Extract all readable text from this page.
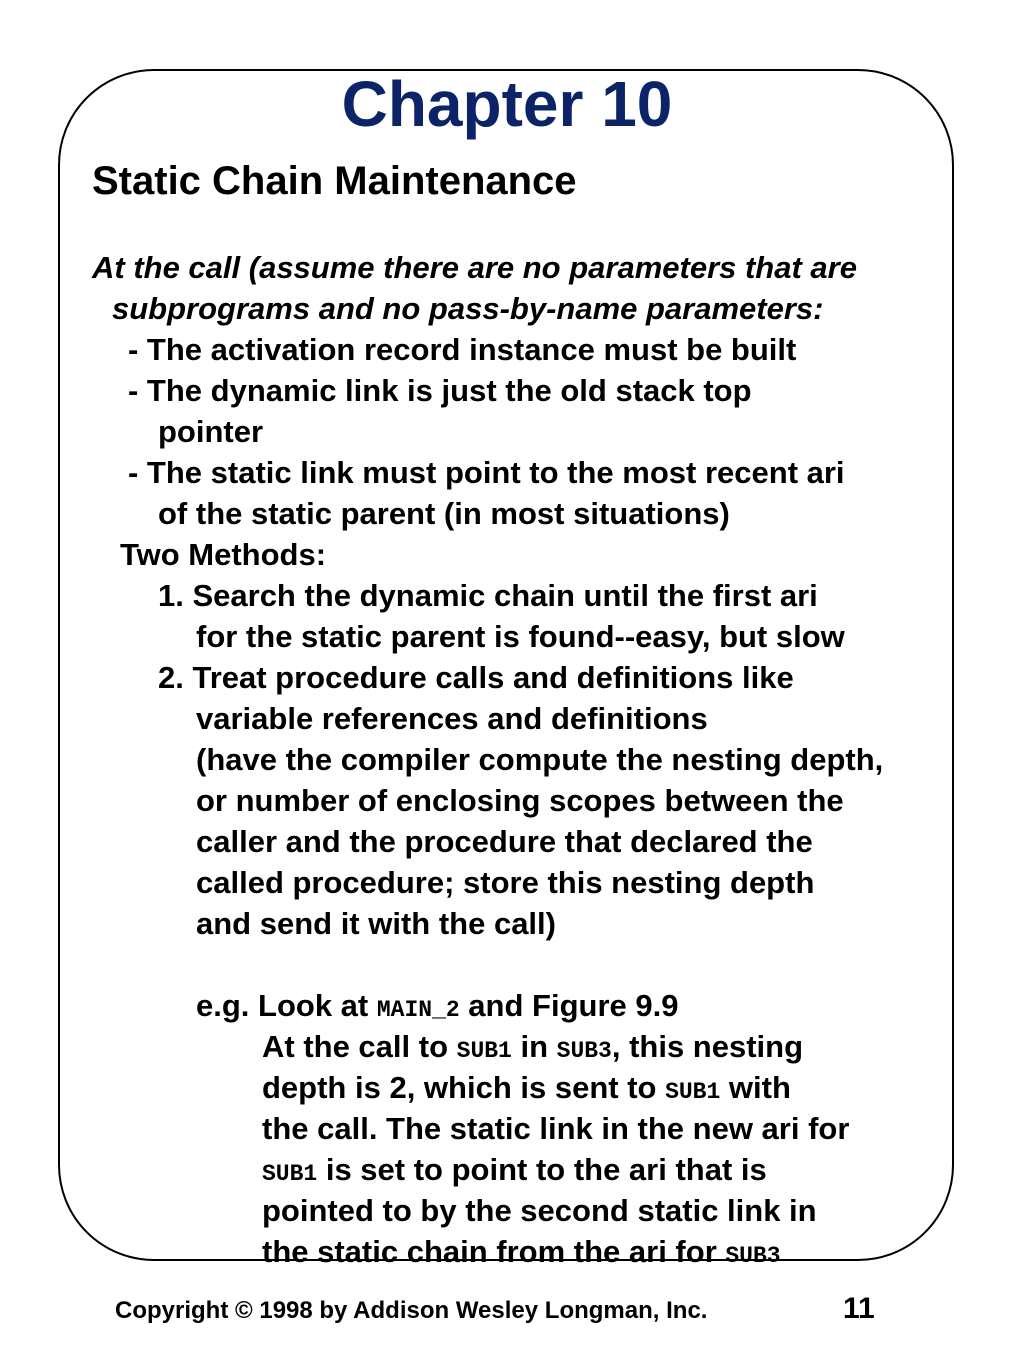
Chapter 10
Static Chain Maintenance
At the call (assume there are no parameters that are
subprograms and no pass-by-name parameters:
- The activation record instance must be built
- The dynamic link is just the old stack top
pointer
- The static link must point to the most recent ari
of the static parent (in most situations)
Two Methods:
1. Search the dynamic chain until the first ari
for the static parent is found--easy, but slow
2. Treat procedure calls and definitions like
variable references and definitions
(have the compiler compute the nesting depth,
or number of enclosing scopes between the
caller and the procedure that declared the
called procedure; store this nesting depth
and send it with the call)
e.g. Look at MAIN_2 and Figure 9.9
At the call to SUB1 in SUB3, this nesting
depth is 2, which is sent to SUB1 with
the call. The static link in the new ari for
SUB1 is set to point to the ari that is
pointed to by the second static link in
the static chain from the ari for SUB3
Copyright © 1998 by Addison Wesley Longman, Inc.	11
